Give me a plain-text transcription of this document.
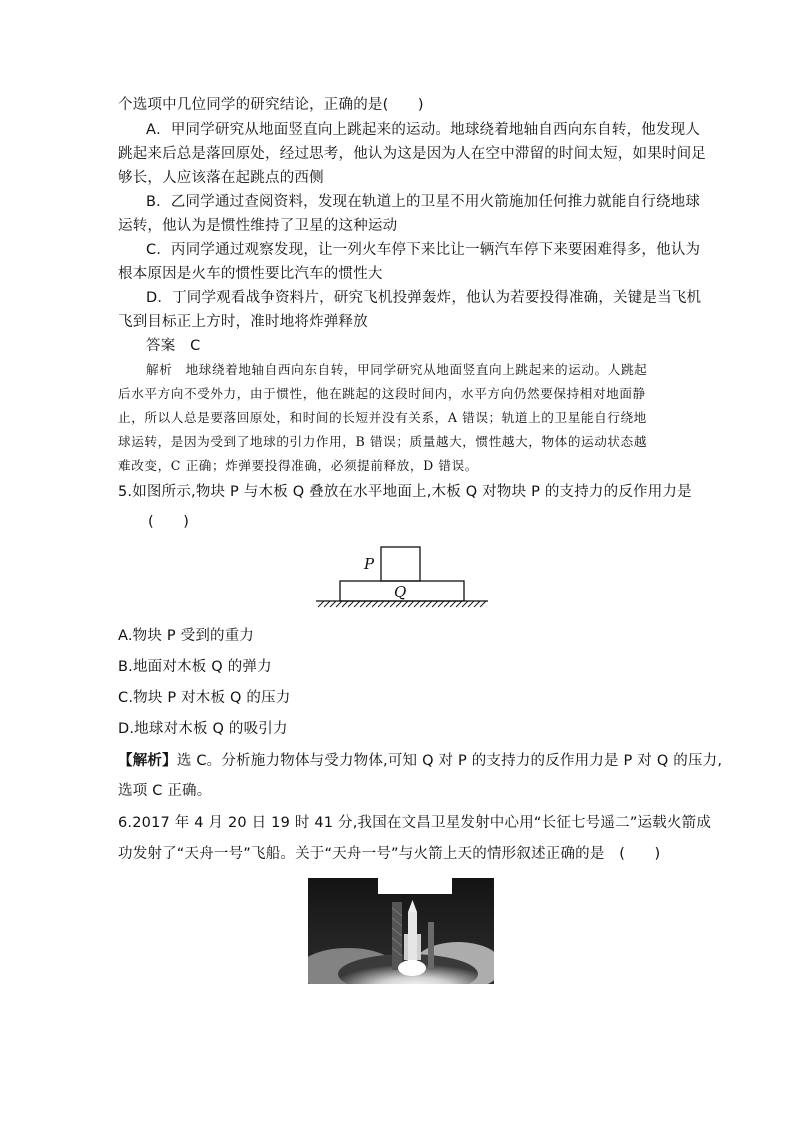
个选项中几位同学的研究结论，正确的是(　　)
A．甲同学研究从地面竖直向上跳起来的运动。地球绕着地轴自西向东自转，他发现人
跳起来后总是落回原处，经过思考，他认为这是因为人在空中滞留的时间太短，如果时间足
够长，人应该落在起跳点的西侧
B．乙同学通过查阅资料，发现在轨道上的卫星不用火箭施加任何推力就能自行绕地球
运转，他认为是惯性维持了卫星的这种运动
C．丙同学通过观察发现，让一列火车停下来比让一辆汽车停下来要困难得多，他认为
根本原因是火车的惯性要比汽车的惯性大
D．丁同学观看战争资料片，研究飞机投弹轰炸，他认为若要投得准确，关键是当飞机
飞到目标正上方时，准时地将炸弹释放
答案　C
解析　地球绕着地轴自西向东自转，甲同学研究从地面竖直向上跳起来的运动。人跳起
后水平方向不受外力，由于惯性，他在跳起的这段时间内，水平方向仍然要保持相对地面静
止，所以人总是要落回原处，和时间的长短并没有关系，A 错误；轨道上的卫星能自行绕地
球运转，是因为受到了地球的引力作用，B 错误；质量越大，惯性越大，物体的运动状态越
难改变，C 正确；炸弹要投得准确，必须提前释放，D 错误。
5.如图所示,物块 P 与木板 Q 叠放在水平地面上,木板 Q 对物块 P 的支持力的反作用力是
(　　)
P
Q
A.物块 P 受到的重力
B.地面对木板 Q 的弹力
C.物块 P 对木板 Q 的压力
D.地球对木板 Q 的吸引力
【解析】选 C。分析施力物体与受力物体,可知 Q 对 P 的支持力的反作用力是 P 对 Q 的压力,
选项 C 正确。
6.2017 年 4 月 20 日 19 时 41 分,我国在文昌卫星发射中心用“长征七号遥二”运载火箭成
功发射了“天舟一号”飞船。关于“天舟一号”与火箭上天的情形叙述正确的是　(　　)
